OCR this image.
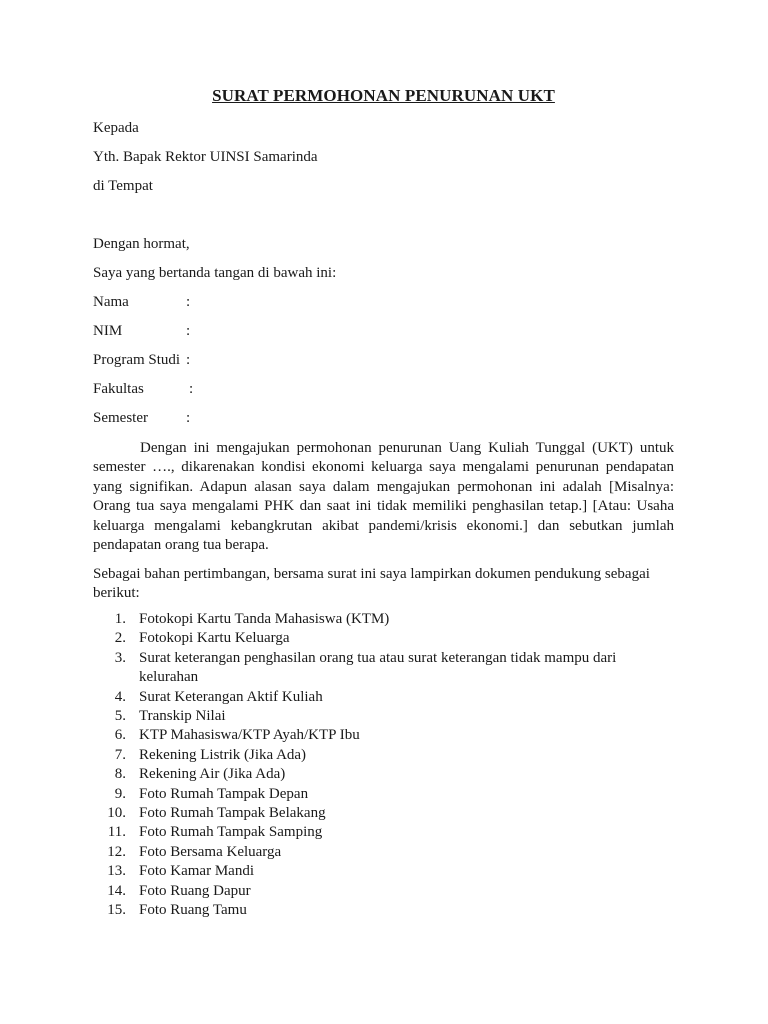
SURAT PERMOHONAN PENURUNAN UKT
Kepada
Yth. Bapak Rektor UINSI Samarinda
di Tempat
Dengan hormat,
Saya yang bertanda tangan di bawah ini:
Nama	:
NIM	:
Program Studi :
Fakultas	:
Semester	:
Dengan ini mengajukan permohonan penurunan Uang Kuliah Tunggal (UKT) untuk semester …., dikarenakan kondisi ekonomi keluarga saya mengalami penurunan pendapatan yang signifikan. Adapun alasan saya dalam mengajukan permohonan ini adalah [Misalnya: Orang tua saya mengalami PHK dan saat ini tidak memiliki penghasilan tetap.] [Atau: Usaha keluarga mengalami kebangkrutan akibat pandemi/krisis ekonomi.] dan sebutkan jumlah pendapatan orang tua berapa.
Sebagai bahan pertimbangan, bersama surat ini saya lampirkan dokumen pendukung sebagai berikut:
1. Fotokopi Kartu Tanda Mahasiswa (KTM)
2. Fotokopi Kartu Keluarga
3. Surat keterangan penghasilan orang tua atau surat keterangan tidak mampu dari kelurahan
4. Surat Keterangan Aktif Kuliah
5. Transkip Nilai
6. KTP Mahasiswa/KTP Ayah/KTP Ibu
7. Rekening Listrik (Jika Ada)
8. Rekening Air (Jika Ada)
9. Foto Rumah Tampak Depan
10. Foto Rumah Tampak Belakang
11. Foto Rumah Tampak Samping
12. Foto Bersama Keluarga
13. Foto Kamar Mandi
14. Foto Ruang Dapur
15. Foto Ruang Tamu
